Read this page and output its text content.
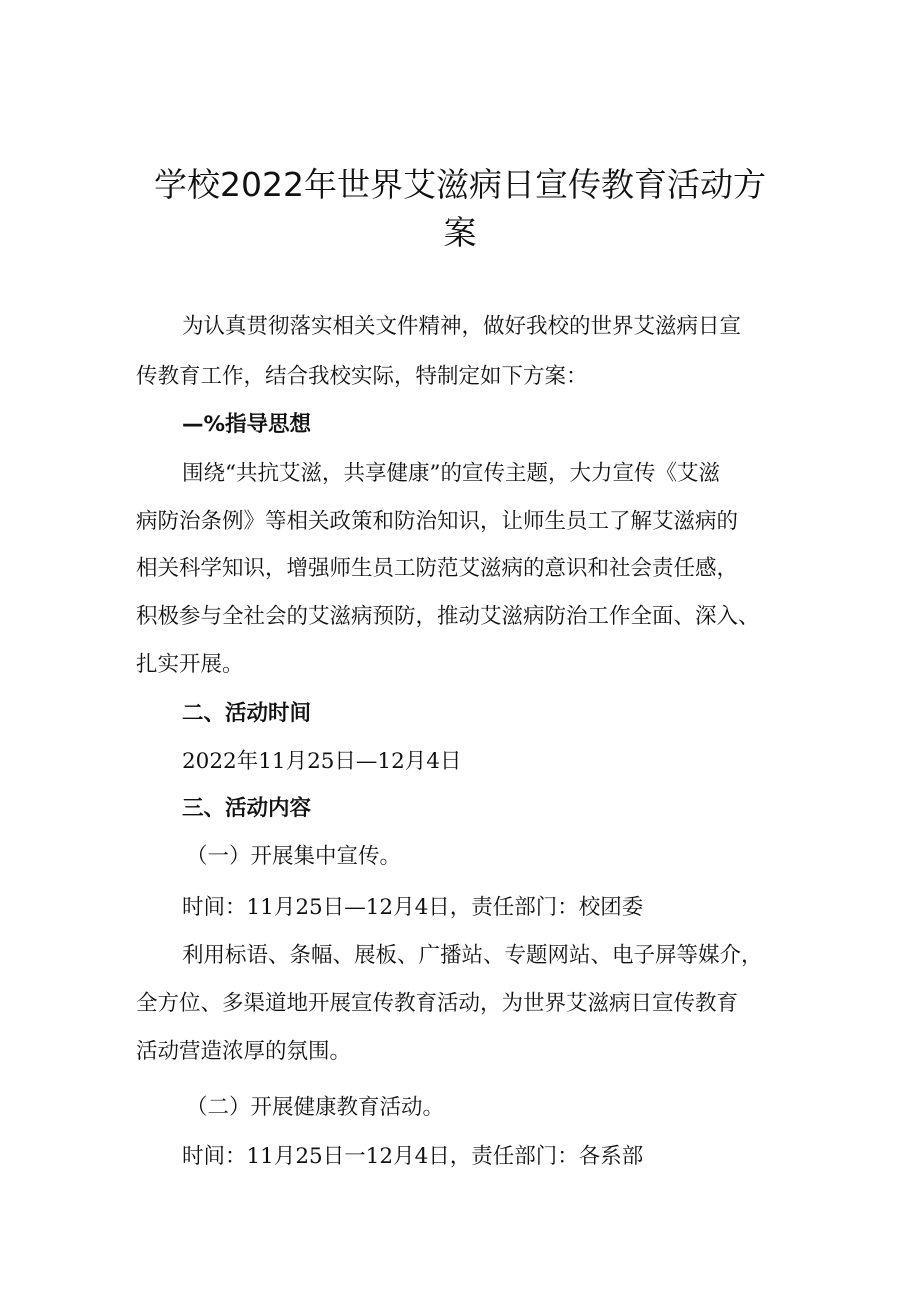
学校2022年世界艾滋病日宣传教育活动方
案

为认真贯彻落实相关文件精神，做好我校的世界艾滋病日宣

传教育工作，结合我校实际，特制定如下方案：

—%指导思想

围绕“共抗艾滋，共享健康”的宣传主题，大力宣传《艾滋

病防治条例》等相关政策和防治知识，让师生员工了解艾滋病的

相关科学知识，增强师生员工防范艾滋病的意识和社会责任感，

积极参与全社会的艾滋病预防，推动艾滋病防治工作全面、深入、

扎实开展。

二、活动时间

2022年11月25日—12月4日

三、活动内容

（一）开展集中宣传。

时间：11月25日—12月4日，责任部门：校团委

利用标语、条幅、展板、广播站、专题网站、电子屏等媒介，

全方位、多渠道地开展宣传教育活动，为世界艾滋病日宣传教育

活动营造浓厚的氛围。

（二）开展健康教育活动。

时间：11月25日一12月4日，责任部门：各系部
